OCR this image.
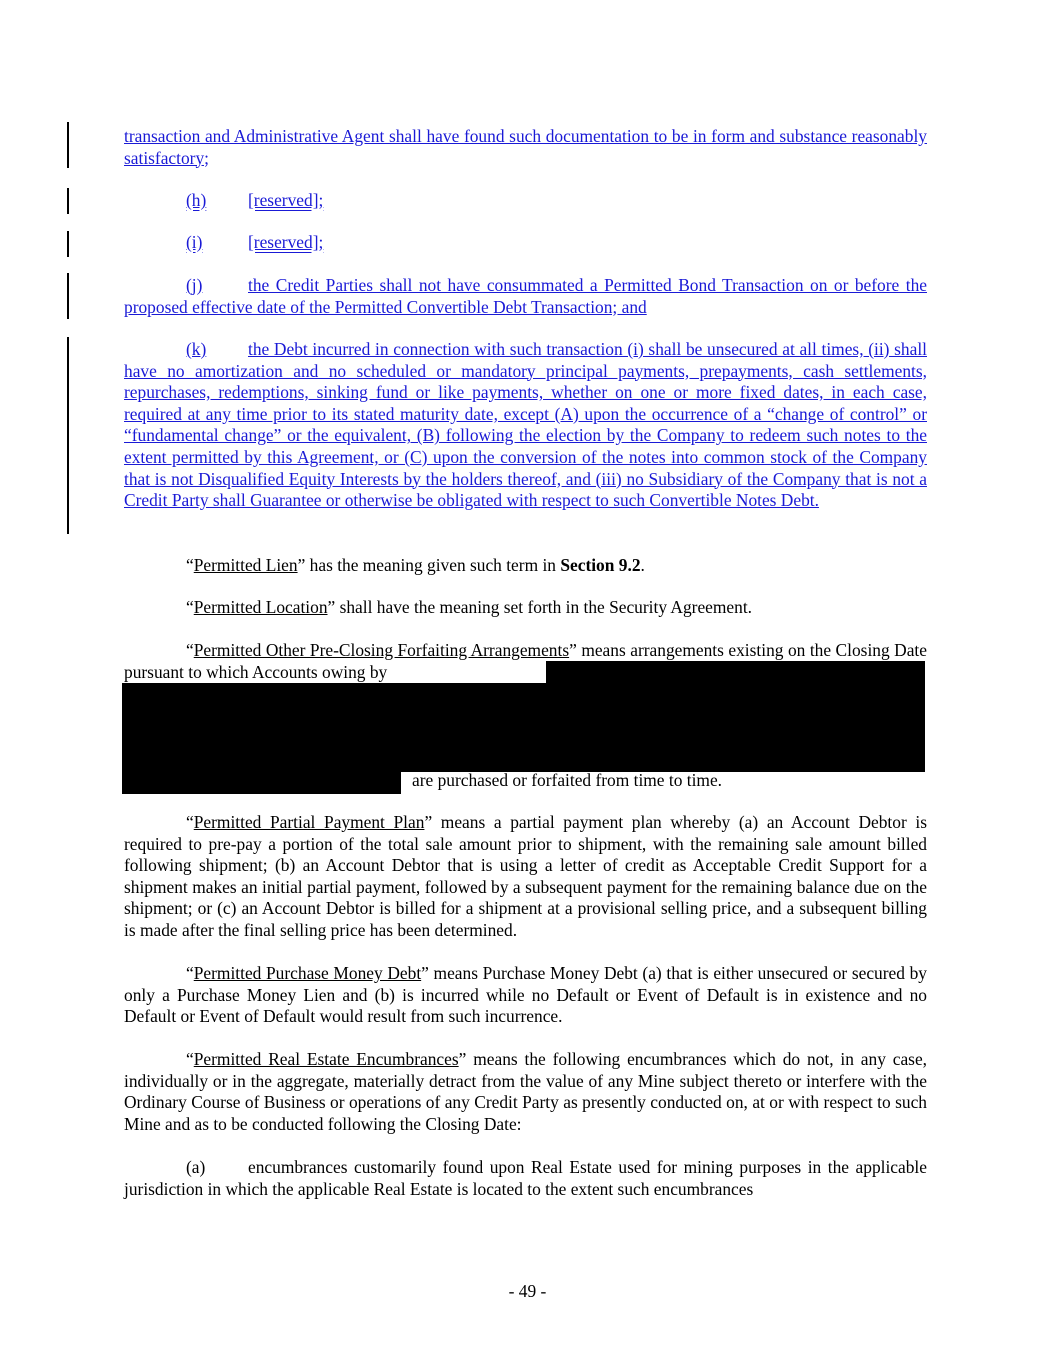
transaction and Administrative Agent shall have found such documentation to be in form and substance reasonably satisfactory;

(h) [reserved];

(i)	[reserved];

(j)	the Credit Parties shall not have consummated a Permitted Bond Transaction on or before the proposed effective date of the Permitted Convertible Debt Transaction; and

(k) the Debt incurred in connection with such transaction (i) shall be unsecured at all times, (ii) shall have no amortization and no scheduled or mandatory principal payments, prepayments, cash settlements, repurchases, redemptions, sinking fund or like payments, whether on one or more fixed dates, in each case, required at any time prior to its stated maturity date, except (A) upon the occurrence of a “change of control” or “fundamental change” or the equivalent, (B) following the election by the Company to redeem such notes to the extent permitted by this Agreement, or (C) upon the conversion of the notes into common stock of the Company that is not Disqualified Equity Interests by the holders thereof, and (iii) no Subsidiary of the Company that is not a Credit Party shall Guarantee or otherwise be obligated with respect to such Convertible Notes Debt.

“Permitted Lien” has the meaning given such term in Section 9.2.

“Permitted Location” shall have the meaning set forth in the Security Agreement.

“Permitted Other Pre-Closing Forfaiting Arrangements” means arrangements existing on the Closing Date pursuant to which Accounts owing by

are purchased or forfaited from time to time.

“Permitted Partial Payment Plan” means a partial payment plan whereby (a) an Account Debtor is required to pre-pay a portion of the total sale amount prior to shipment, with the remaining sale amount billed following shipment; (b) an Account Debtor that is using a letter of credit as Acceptable Credit Support for a shipment makes an initial partial payment, followed by a subsequent payment for the remaining balance due on the shipment; or (c) an Account Debtor is billed for a shipment at a provisional selling price, and a subsequent billing is made after the final selling price has been determined.

“Permitted Purchase Money Debt” means Purchase Money Debt (a) that is either unsecured or secured by only a Purchase Money Lien and (b) is incurred while no Default or Event of Default is in existence and no Default or Event of Default would result from such incurrence.

“Permitted Real Estate Encumbrances” means the following encumbrances which do not, in any case, individually or in the aggregate, materially detract from the value of any Mine subject thereto or interfere with the Ordinary Course of Business or operations of any Credit Party as presently conducted on, at or with respect to such Mine and as to be conducted following the Closing Date:

(a) encumbrances customarily found upon Real Estate used for mining purposes in the applicable jurisdiction in which the applicable Real Estate is located to the extent such encumbrances

- 49 -
